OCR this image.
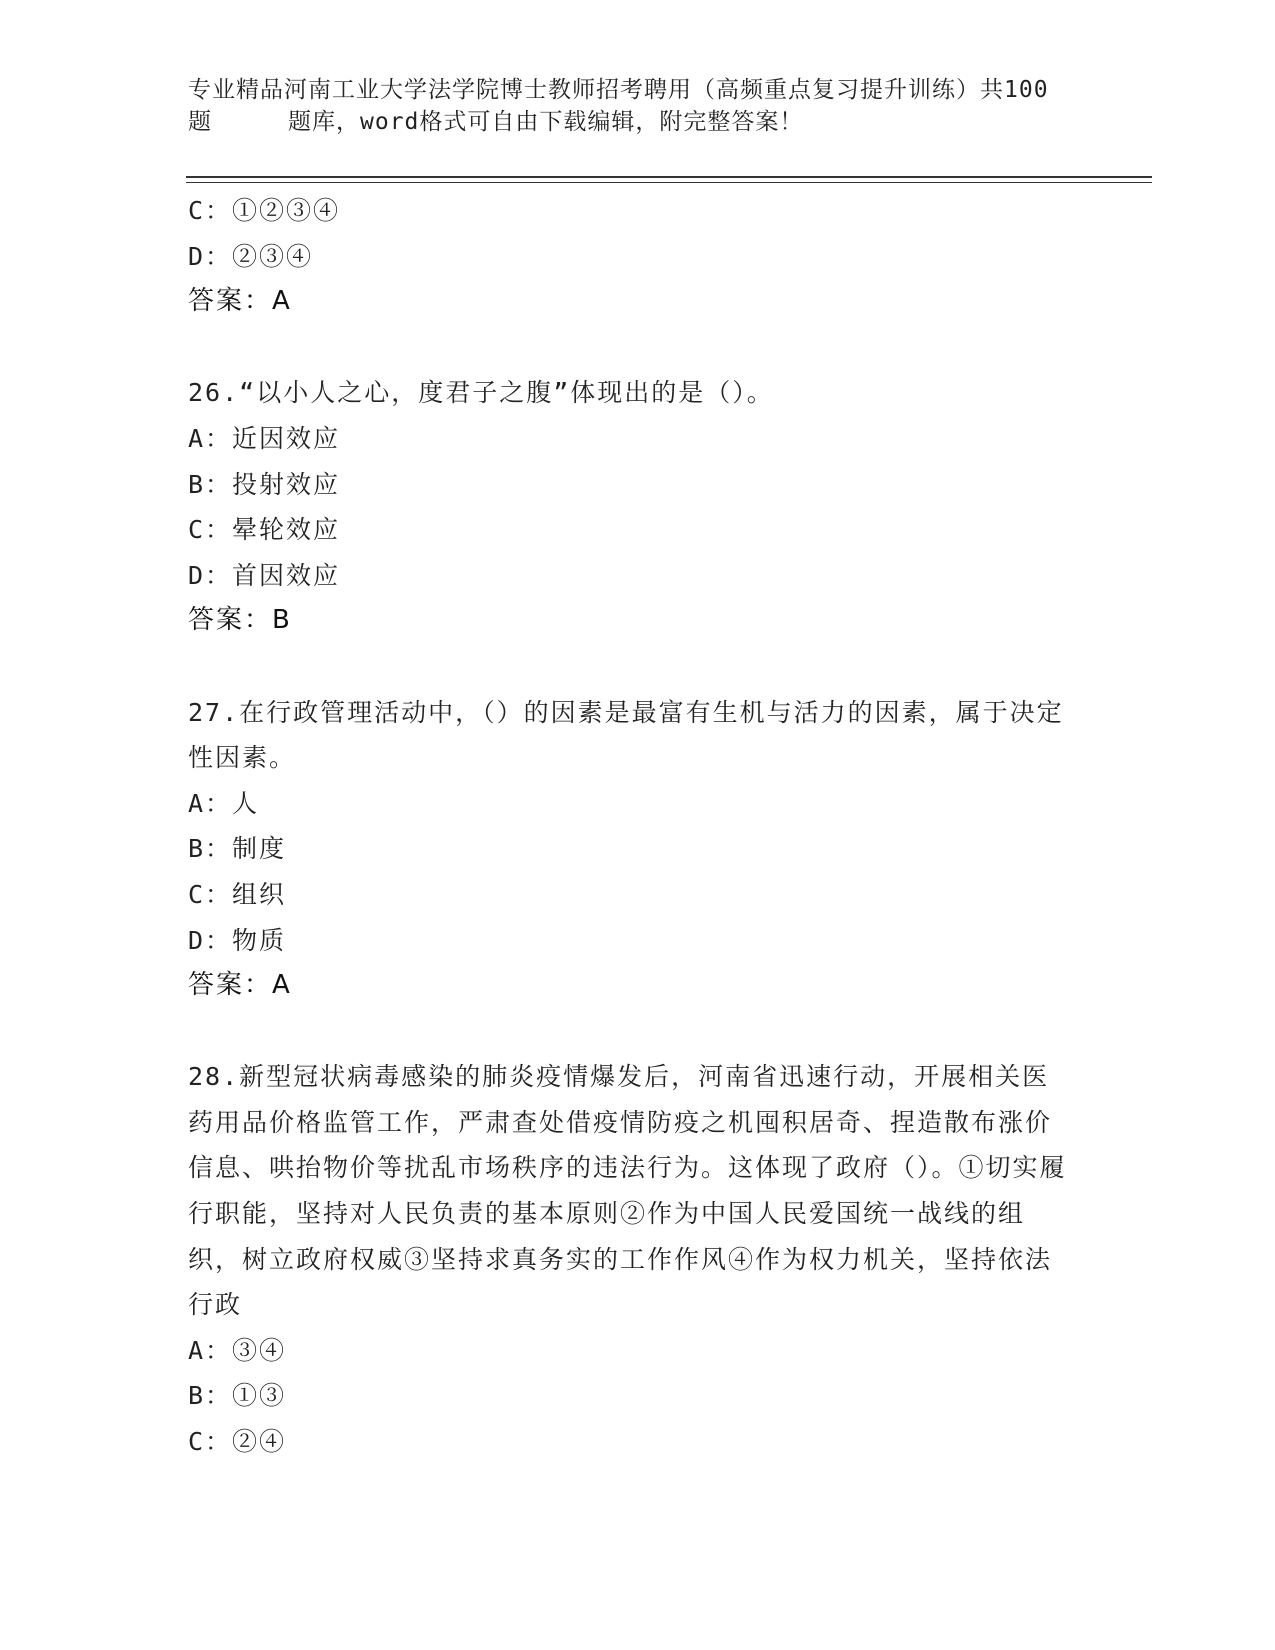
专业精品河南工业大学法学院博士教师招考聘用（高频重点复习提升训练）共100
题	题库，word格式可自由下载编辑，附完整答案！
C：①②③④
D：②③④
答案：A
26.“以小人之心，度君子之腹”体现出的是（）。
A：近因效应
B：投射效应
C：晕轮效应
D：首因效应
答案：B
27.在行政管理活动中，（）的因素是最富有生机与活力的因素，属于决定性因素。
A：人
B：制度
C：组织
D：物质
答案：A
28.新型冠状病毒感染的肺炎疫情爆发后，河南省迅速行动，开展相关医药用品价格监管工作，严肃查处借疫情防疫之机囤积居奇、捏造散布涨价信息、哄抬物价等扰乱市场秩序的违法行为。这体现了政府（）。①切实履行职能，坚持对人民负责的基本原则②作为中国人民爱国统一战线的组织，树立政府权威③坚持求真务实的工作作风④作为权力机关，坚持依法行政
A：③④
B：①③
C：②④
